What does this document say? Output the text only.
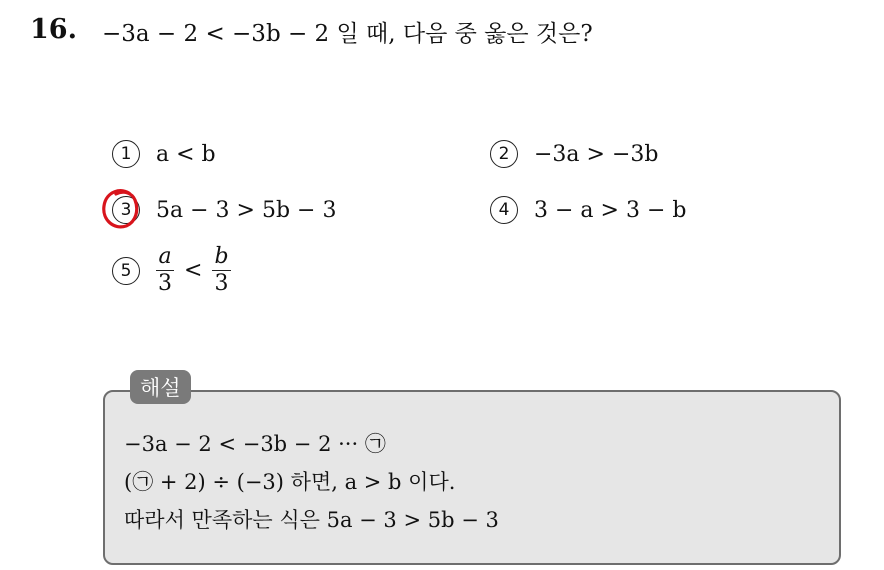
16. −3a − 2 < −3b − 2 일 때, 다음 중 옳은 것은?
1	a < b	2	−3a > −3b
3	5a − 3 > 5b − 3	4	3 − a > 3 − b
5	$\frac{a}{3} < \frac{b}{3}$
해설
−3a − 2 < −3b − 2 ··· ㉠
(㉠ + 2) ÷ (−3) 하면, a > b 이다.
따라서 만족하는 식은 5a − 3 > 5b − 3
